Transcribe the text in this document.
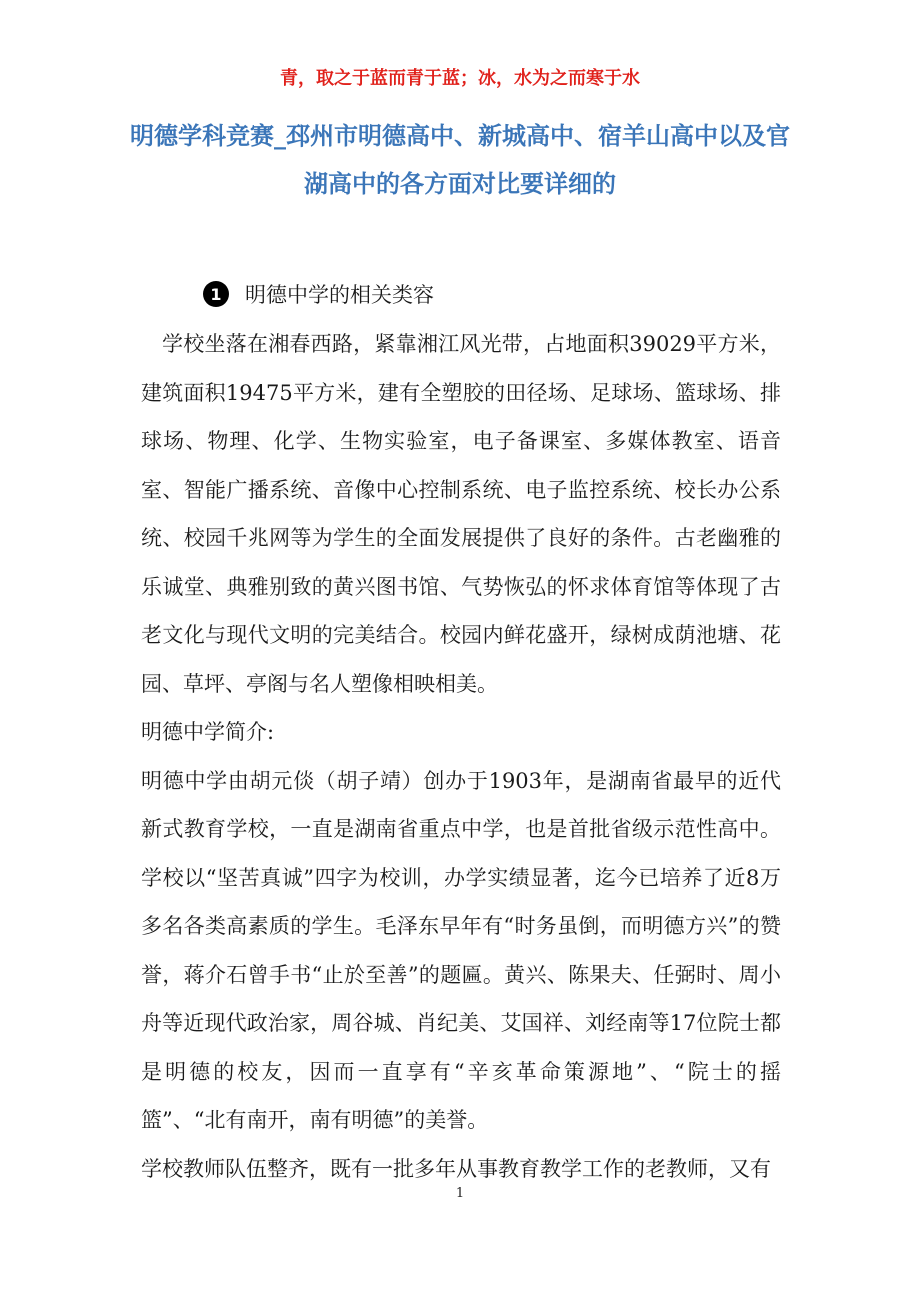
青，取之于蓝而青于蓝；冰，水为之而寒于水
明德学科竞赛_邳州市明德高中、新城高中、宿羊山高中以及官湖高中的各方面对比要详细的
1	明德中学的相关类容

学校坐落在湘春西路，紧靠湘江风光带，占地面积39029平方米，建筑面积19475平方米，建有全塑胶的田径场、足球场、篮球场、排球场、物理、化学、生物实验室，电子备课室、多媒体教室、语音室、智能广播系统、音像中心控制系统、电子监控系统、校长办公系统、校园千兆网等为学生的全面发展提供了良好的条件。古老幽雅的乐诚堂、典雅别致的黄兴图书馆、气势恢弘的怀求体育馆等体现了古老文化与现代文明的完美结合。校园内鲜花盛开，绿树成荫池塘、花园、草坪、亭阁与名人塑像相映相美。

明德中学简介:

明德中学由胡元倓（胡子靖）创办于1903年，是湖南省最早的近代新式教育学校，一直是湖南省重点中学，也是首批省级示范性高中。学校以“坚苦真诚”四字为校训，办学实绩显著，迄今已培养了近8万多名各类高素质的学生。毛泽东早年有“时务虽倒，而明德方兴”的赞誉，蒋介石曾手书“止於至善”的题匾。黄兴、陈果夫、任弼时、周小舟等近现代政治家，周谷城、肖纪美、艾国祥、刘经南等17位院士都是明德的校友，因而一直享有“辛亥革命策源地”、“院士的摇篮”、“北有南开，南有明德”的美誉。

学校教师队伍整齐，既有一批多年从事教育教学工作的老教师，又有

1
